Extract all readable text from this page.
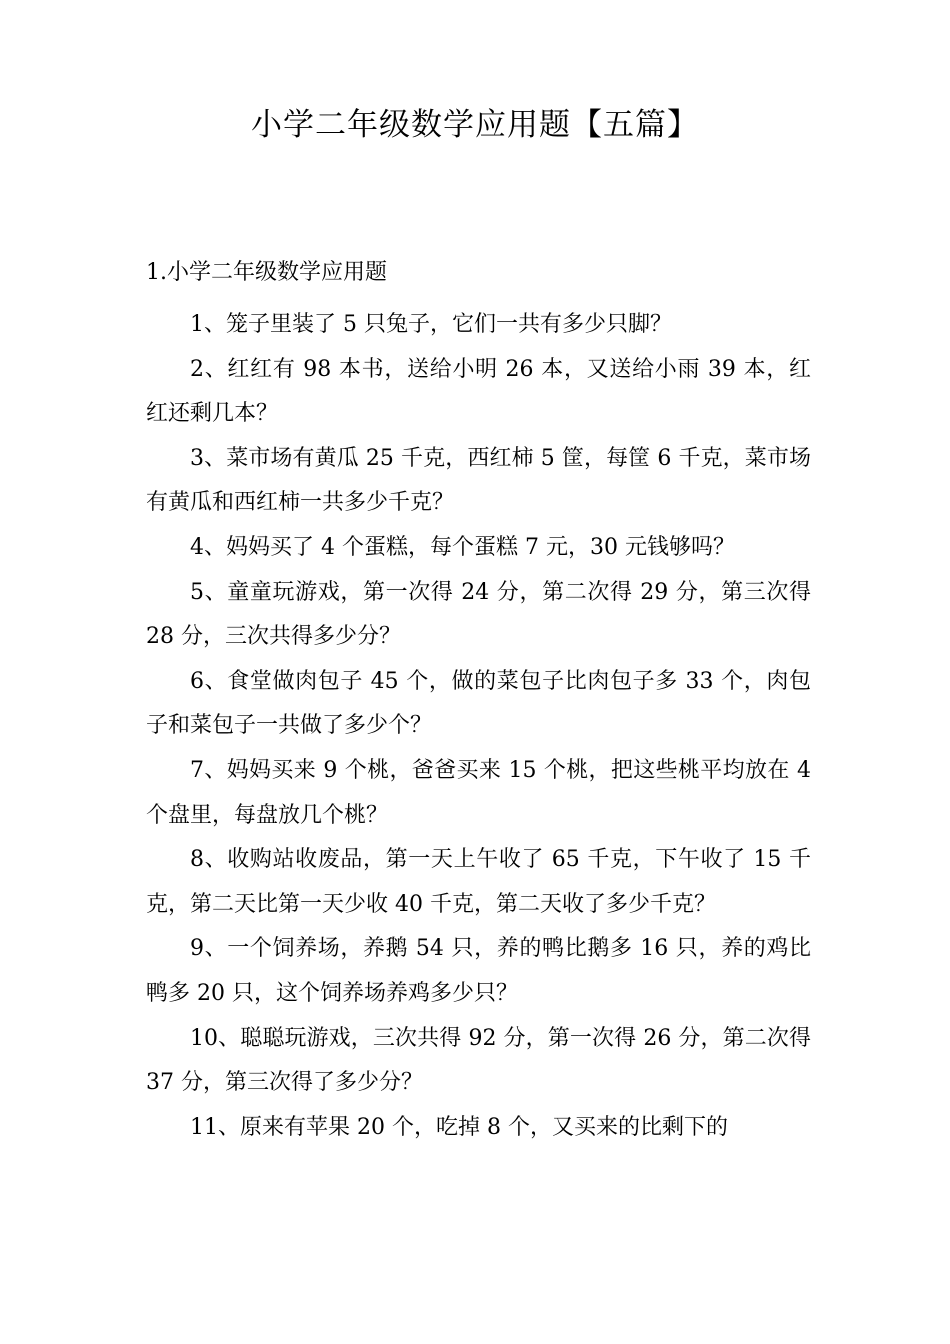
小学二年级数学应用题【五篇】

1.小学二年级数学应用题

1、笼子里装了 5 只兔子，它们一共有多少只脚？

2、红红有 98 本书，送给小明 26 本，又送给小雨 39 本，红红还剩几本？

3、菜市场有黄瓜 25 千克，西红柿 5 筐，每筐 6 千克，菜市场有黄瓜和西红柿一共多少千克？

4、妈妈买了 4 个蛋糕，每个蛋糕 7 元，30 元钱够吗？

5、童童玩游戏，第一次得 24 分，第二次得 29 分，第三次得 28 分，三次共得多少分？

6、食堂做肉包子 45 个，做的菜包子比肉包子多 33 个，肉包子和菜包子一共做了多少个？

7、妈妈买来 9 个桃，爸爸买来 15 个桃，把这些桃平均放在 4 个盘里，每盘放几个桃？

8、收购站收废品，第一天上午收了 65 千克，下午收了 15 千克，第二天比第一天少收 40 千克，第二天收了多少千克？

9、一个饲养场，养鹅 54 只，养的鸭比鹅多 16 只，养的鸡比鸭多 20 只，这个饲养场养鸡多少只？

10、聪聪玩游戏，三次共得 92 分，第一次得 26 分，第二次得 37 分，第三次得了多少分？

11、原来有苹果 20 个，吃掉 8 个，又买来的比剩下的
